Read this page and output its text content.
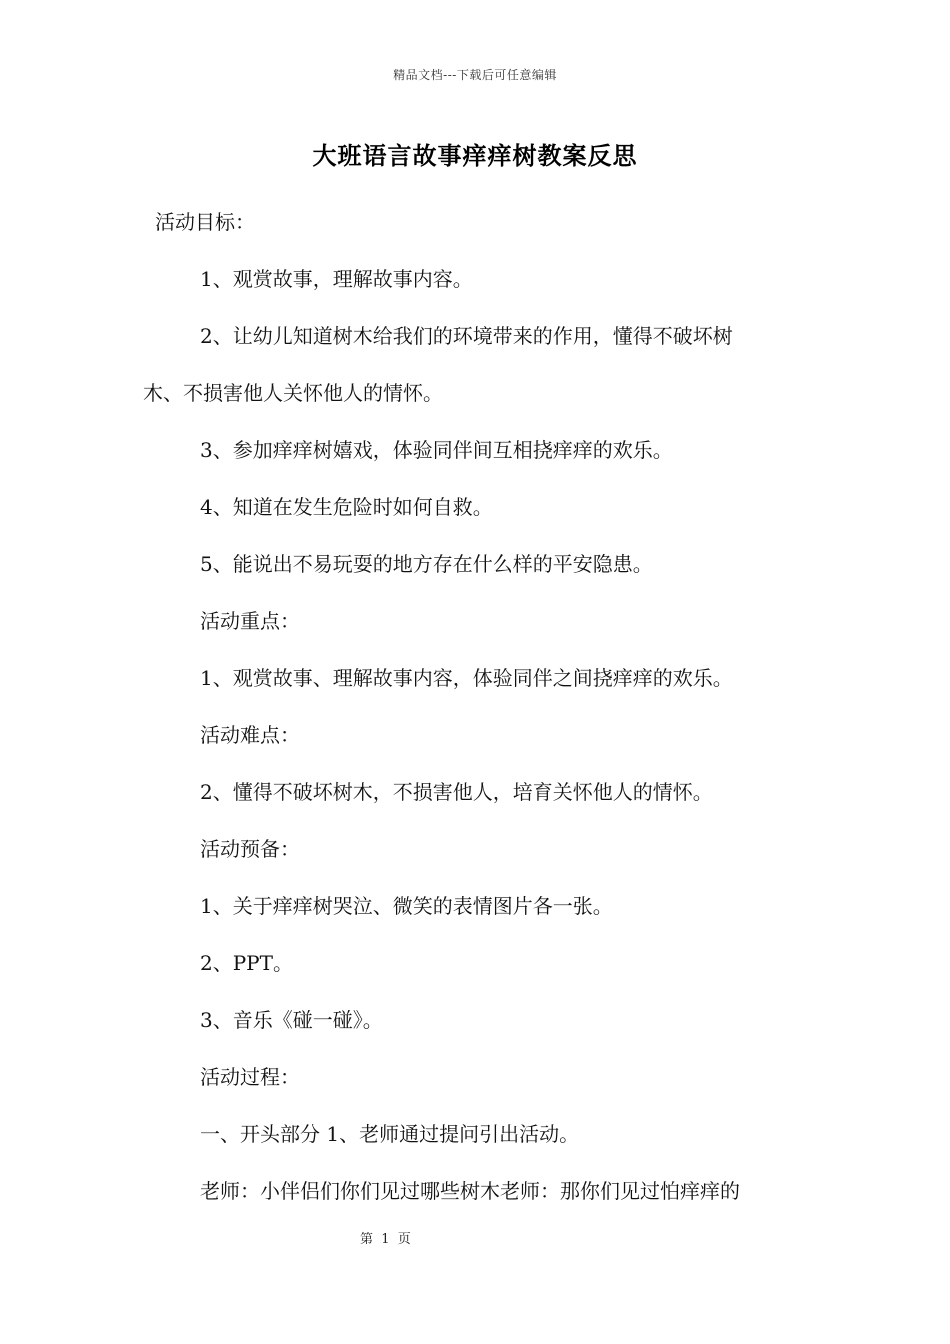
精品文档---下载后可任意编辑
大班语言故事痒痒树教案反思
活动目标：
1、观赏故事，理解故事内容。
2、让幼儿知道树木给我们的环境带来的作用，懂得不破坏树
木、不损害他人关怀他人的情怀。
3、参加痒痒树嬉戏，体验同伴间互相挠痒痒的欢乐。
4、知道在发生危险时如何自救。
5、能说出不易玩耍的地方存在什么样的平安隐患。
活动重点：
1、观赏故事、理解故事内容，体验同伴之间挠痒痒的欢乐。
活动难点：
2、懂得不破坏树木，不损害他人，培育关怀他人的情怀。
活动预备：
1、关于痒痒树哭泣、微笑的表情图片各一张。
2、PPT。
3、音乐《碰一碰》。
活动过程：
一、开头部分 1、老师通过提问引出活动。
老师：小伴侣们你们见过哪些树木老师：那你们见过怕痒痒的
第  1  页
